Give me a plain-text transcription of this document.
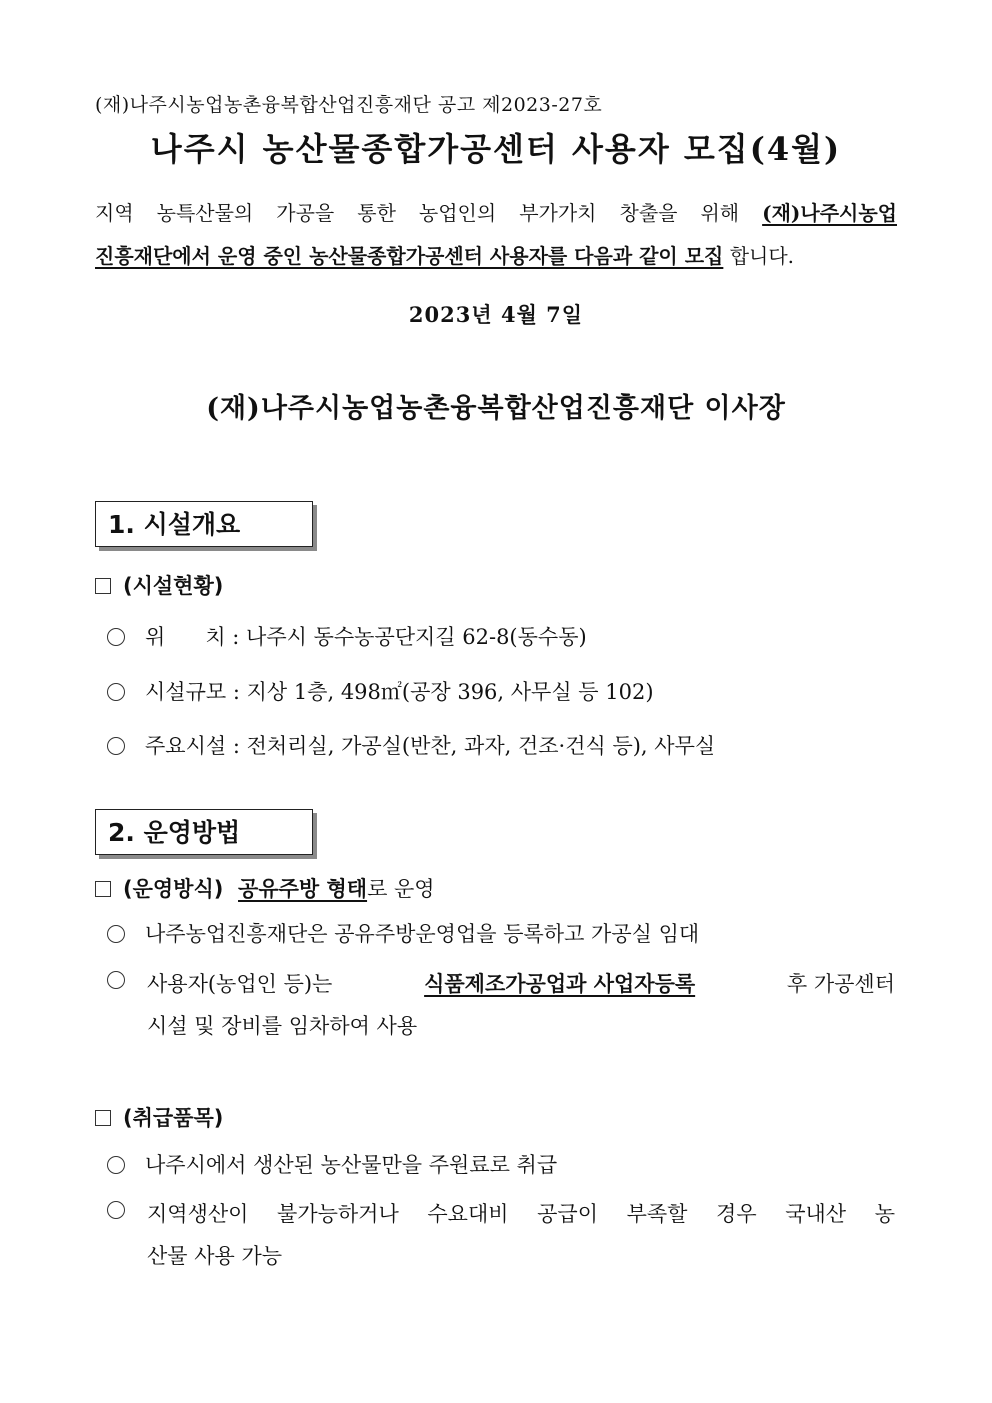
(재)나주시농업농촌융복합산업진흥재단 공고 제2023-27호
나주시 농산물종합가공센터 사용자 모집(4월)
지역 농특산물의 가공을 통한 농업인의 부가가치 창출을 위해 (재)나주시농업
진흥재단에서 운영 중인 농산물종합가공센터 사용자를 다음과 같이 모집 합니다.
2023년 4월 7일
(재)나주시농업농촌융복합산업진흥재단 이사장
1. 시설개요
(시설현황)
위      치 : 나주시 동수농공단지길 62-8(동수동)
시설규모 : 지상 1층, 498㎡(공장 396, 사무실 등 102)
주요시설 : 전처리실, 가공실(반찬, 과자, 건조·건식 등), 사무실
2. 운영방법
(운영방식) 공유주방 형태로 운영
나주농업진흥재단은 공유주방운영업을 등록하고 가공실 임대
사용자(농업인 등)는	식품제조가공업과 사업자등록	후 가공센터
시설 및 장비를 임차하여 사용
(취급품목)
나주시에서 생산된 농산물만을 주원료로 취급
지역생산이 불가능하거나 수요대비 공급이 부족할 경우 국내산 농
산물 사용 가능
